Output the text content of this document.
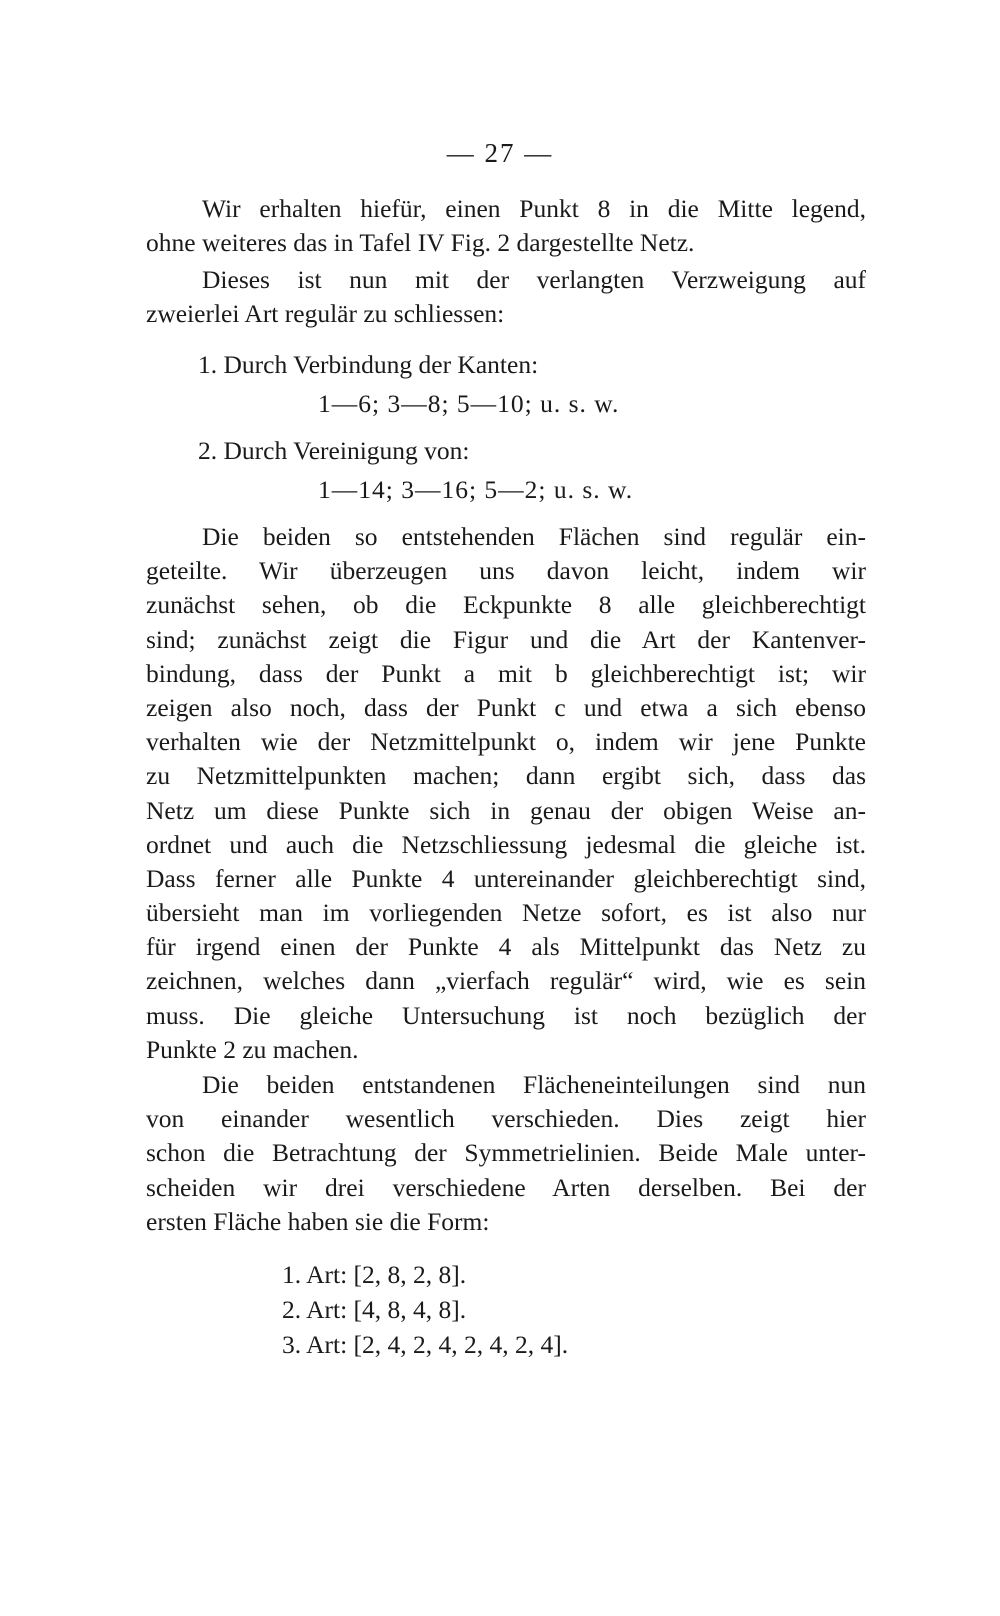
— 27 —
Wir erhalten hiefür, einen Punkt 8 in die Mitte legend,
ohne weiteres das in Tafel IV Fig. 2 dargestellte Netz.
Dieses ist nun mit der verlangten Verzweigung auf
zweierlei Art regulär zu schliessen:
1. Durch Verbindung der Kanten:
1—6; 3—8; 5—10; u. s. w.
2. Durch Vereinigung von:
1—14; 3—16; 5—2; u. s. w.
Die beiden so entstehenden Flächen sind regulär ein-
geteilte. Wir überzeugen uns davon leicht, indem wir
zunächst sehen, ob die Eckpunkte 8 alle gleichberechtigt
sind; zunächst zeigt die Figur und die Art der Kantenver-
bindung, dass der Punkt a mit b gleichberechtigt ist; wir
zeigen also noch, dass der Punkt c und etwa a sich ebenso
verhalten wie der Netzmittelpunkt o, indem wir jene Punkte
zu Netzmittelpunkten machen; dann ergibt sich, dass das
Netz um diese Punkte sich in genau der obigen Weise an-
ordnet und auch die Netzschliessung jedesmal die gleiche ist.
Dass ferner alle Punkte 4 untereinander gleichberechtigt sind,
übersieht man im vorliegenden Netze sofort, es ist also nur
für irgend einen der Punkte 4 als Mittelpunkt das Netz zu
zeichnen, welches dann „vierfach regulär“ wird, wie es sein
muss. Die gleiche Untersuchung ist noch bezüglich der
Punkte 2 zu machen.
Die beiden entstandenen Flächeneinteilungen sind nun
von einander wesentlich verschieden. Dies zeigt hier
schon die Betrachtung der Symmetrielinien. Beide Male unter-
scheiden wir drei verschiedene Arten derselben. Bei der
ersten Fläche haben sie die Form:
1. Art: [2, 8, 2, 8].
2. Art: [4, 8, 4, 8].
3. Art: [2, 4, 2, 4, 2, 4, 2, 4].
